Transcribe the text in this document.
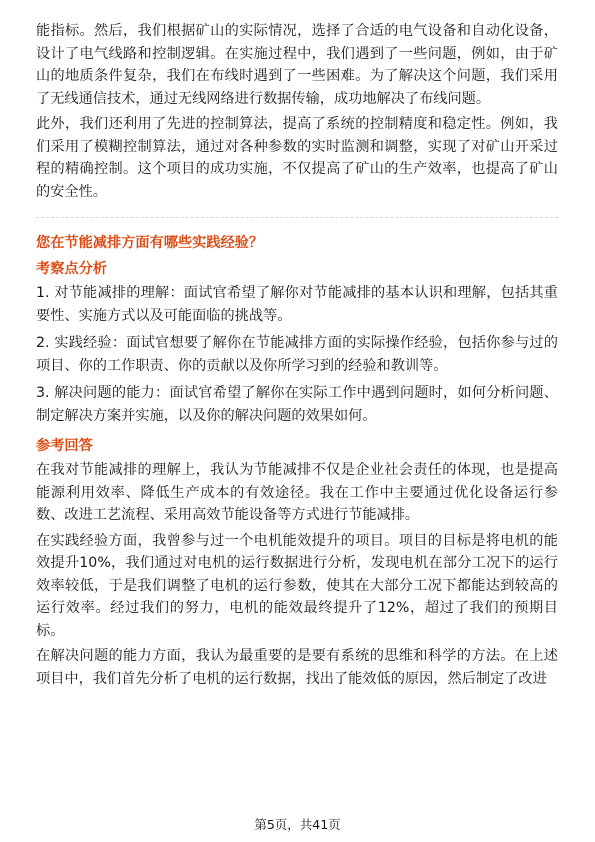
能指标。然后，我们根据矿山的实际情况，选择了合适的电气设备和自动化设备，设计了电气线路和控制逻辑。在实施过程中，我们遇到了一些问题，例如，由于矿山的地质条件复杂，我们在布线时遇到了一些困难。为了解决这个问题，我们采用了无线通信技术，通过无线网络进行数据传输，成功地解决了布线问题。

此外，我们还利用了先进的控制算法，提高了系统的控制精度和稳定性。例如，我们采用了模糊控制算法，通过对各种参数的实时监测和调整，实现了对矿山开采过程的精确控制。这个项目的成功实施，不仅提高了矿山的生产效率，也提高了矿山的安全性。

您在节能减排方面有哪些实践经验？
考察点分析

1. 对节能减排的理解：面试官希望了解你对节能减排的基本认识和理解，包括其重要性、实施方式以及可能面临的挑战等。

2. 实践经验：面试官想要了解你在节能减排方面的实际操作经验，包括你参与过的项目、你的工作职责、你的贡献以及你所学习到的经验和教训等。

3. 解决问题的能力：面试官希望了解你在实际工作中遇到问题时，如何分析问题、制定解决方案并实施，以及你的解决问题的效果如何。

参考回答

在我对节能减排的理解上，我认为节能减排不仅是企业社会责任的体现，也是提高能源利用效率、降低生产成本的有效途径。我在工作中主要通过优化设备运行参数、改进工艺流程、采用高效节能设备等方式进行节能减排。

在实践经验方面，我曾参与过一个电机能效提升的项目。项目的目标是将电机的能效提升10%，我们通过对电机的运行数据进行分析，发现电机在部分工况下的运行效率较低，于是我们调整了电机的运行参数，使其在大部分工况下都能达到较高的运行效率。经过我们的努力，电机的能效最终提升了12%，超过了我们的预期目标。

在解决问题的能力方面，我认为最重要的是要有系统的思维和科学的方法。在上述项目中，我们首先分析了电机的运行数据，找出了能效低的原因，然后制定了改进

第5页，共41页
